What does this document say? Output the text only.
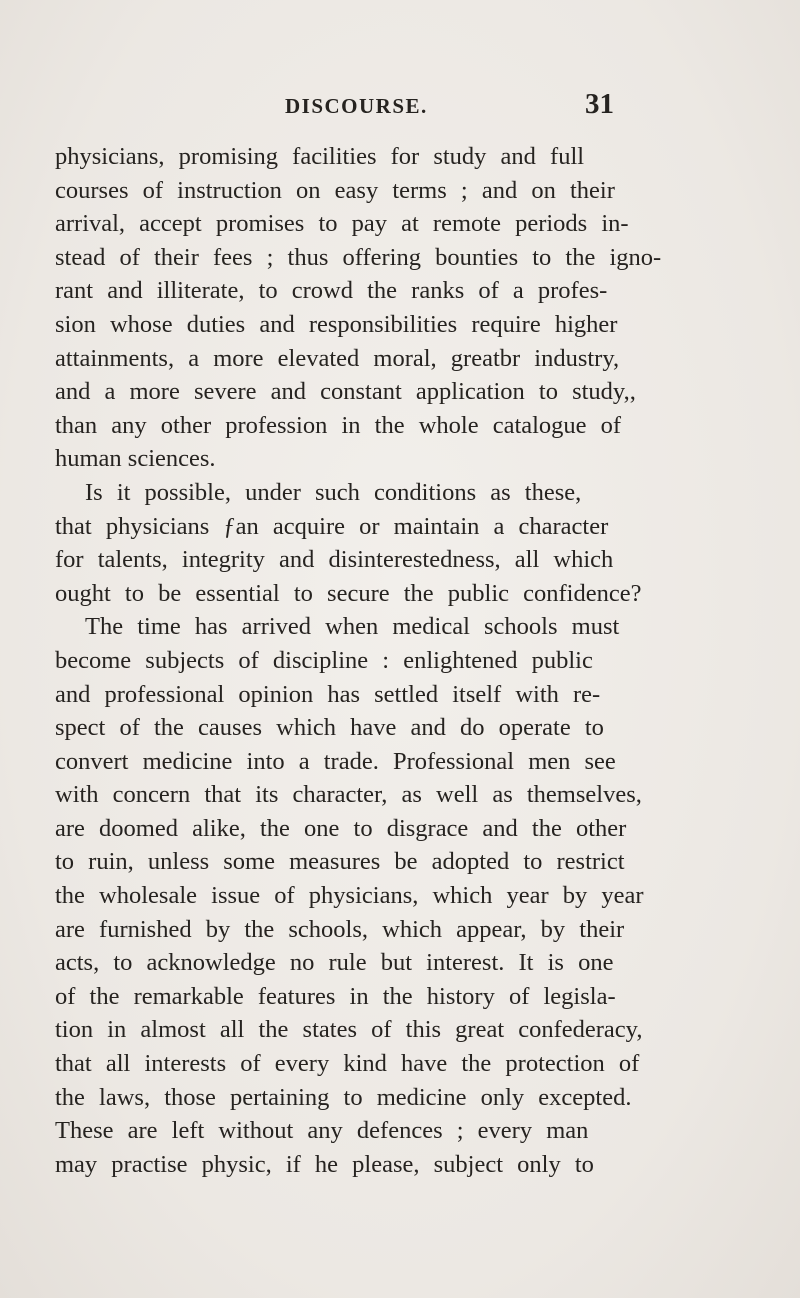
DISCOURSE.	31
physicians, promising facilities for study and full
courses of instruction on easy terms ; and on their
arrival, accept promises to pay at remote periods in-
stead of their fees ; thus offering bounties to the igno-
rant and illiterate, to crowd the ranks of a profes-
sion whose duties and responsibilities require higher
attainments, a more elevated moral, greatbr industry,
and a more severe and constant application to study,,
than any other profession in the whole catalogue of
human sciences.
Is it possible, under such conditions as these,
that physicians ƒan acquire or maintain a character
for talents, integrity and disinterestedness, all which
ought to be essential to secure the public confidence?
The time has arrived when medical schools must
become subjects of discipline : enlightened public
and professional opinion has settled itself with re-
spect of the causes which have and do operate to
convert medicine into a trade. Professional men see
with concern that its character, as well as themselves,
are doomed alike, the one to disgrace and the other
to ruin, unless some measures be adopted to restrict
the wholesale issue of physicians, which year by year
are furnished by the schools, which appear, by their
acts, to acknowledge no rule but interest. It is one
of the remarkable features in the history of legisla-
tion in almost all the states of this great confederacy,
that all interests of every kind have the protection of
the laws, those pertaining to medicine only excepted.
These are left without any defences ; every man
may practise physic, if he please, subject only to
